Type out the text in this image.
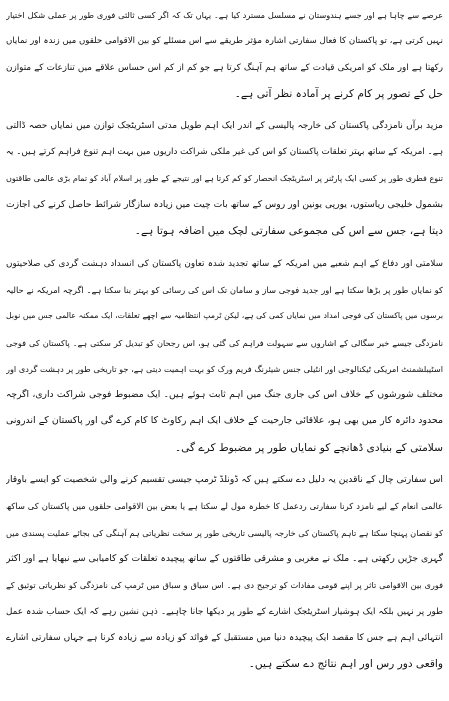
عرصے سے چاہا ہے اور جسے ہندوستان نے مسلسل مسترد کیا ہے۔ یہاں تک کہ اگر کسی ثالثی فوری طور پر عملی شکل اختیار
نہیں کرتی ہے، تو پاکستان کا فعال سفارتی اشارہ مؤثر طریقے سے اس مسئلے کو بین الاقوامی حلقوں میں زندہ اور نمایاں
رکھتا ہے اور ملک کو امریکی قیادت کے ساتھ ہم آہنگ کرتا ہے جو کم از کم اس حساس علاقے میں تنازعات کے متوازن
حل کے تصور پر کام کرنے پر آمادہ نظر آتی ہے۔
مزید برآں نامزدگی پاکستان کی خارجہ پالیسی کے اندر ایک اہم طویل مدتی اسٹریٹجک توازن میں نمایاں حصہ ڈالتی
ہے۔ امریکہ کے ساتھ بہتر تعلقات پاکستان کو اس کی غیر ملکی شراکت داریوں میں بہت اہم تنوع فراہم کرتے ہیں۔ یہ
تنوع فطری طور پر کسی ایک پارٹنر پر اسٹریٹجک انحصار کو کم کرتا ہے اور نتیجے کے طور پر اسلام آباد کو تمام بڑی عالمی طاقتوں
بشمول خلیجی ریاستوں، یورپی یونین اور روس کے ساتھ بات چیت میں زیادہ سازگار شرائط حاصل کرنے کی اجازت
دیتا ہے، جس سے اس کی مجموعی سفارتی لچک میں اضافہ ہوتا ہے۔
سلامتی اور دفاع کے اہم شعبے میں امریکہ کے ساتھ تجدید شدہ تعاون پاکستان کی انسداد دہشت گردی کی صلاحیتوں
کو نمایاں طور پر بڑھا سکتا ہے اور جدید فوجی ساز و سامان تک اس کی رسائی کو بہتر بنا سکتا ہے۔ اگرچہ امریکہ نے حالیہ
برسوں میں پاکستان کی فوجی امداد میں نمایاں کمی کی ہے، لیکن ٹرمپ انتظامیہ سے اچھے تعلقات، ایک ممکنہ عالمی جس میں نوبل
نامزدگی جیسے خیر سگالی کے اشاروں سے سہولت فراہم کی گئی ہو، اس رجحان کو تبدیل کر سکتی ہے۔ پاکستان کی فوجی
اسٹیبلشمنٹ امریکی ٹیکنالوجی اور انٹیلی جنس شیئرنگ فریم ورک کو بہت اہمیت دیتی ہے، جو تاریخی طور پر دہشت گردی اور
مختلف شورشوں کے خلاف اس کی جاری جنگ میں اہم ثابت ہوئے ہیں۔ ایک مضبوط فوجی شراکت داری، اگرچہ
محدود دائرہ کار میں بھی ہو، علاقائی جارحیت کے خلاف ایک اہم رکاوٹ کا کام کرے گی اور پاکستان کے اندرونی
سلامتی کے بنیادی ڈھانچے کو نمایاں طور پر مضبوط کرے گی۔
اس سفارتی چال کے ناقدین یہ دلیل دے سکتے ہیں کہ ڈونلڈ ٹرمپ جیسی تقسیم کرنے والی شخصیت کو ایسے باوقار
عالمی انعام کے لیے نامزد کرنا سفارتی ردعمل کا خطرہ مول لے سکتا ہے یا بعض بین الاقوامی حلقوں میں پاکستان کی ساکھ
کو نقصان پہنچا سکتا ہے تاہم پاکستان کی خارجہ پالیسی تاریخی طور پر سخت نظریاتی ہم آہنگی کی بجائے عملیت پسندی میں
گہری جڑیں رکھتی ہے۔ ملک نے مغربی و مشرقی طاقتوں کے ساتھ پیچیدہ تعلقات کو کامیابی سے نبھایا ہے اور اکثر
فوری بین الاقوامی تاثر پر اپنے قومی مفادات کو ترجیح دی ہے۔ اس سیاق و سباق میں ٹرمپ کی نامزدگی کو نظریاتی توثیق کے
طور پر نہیں بلکہ ایک ہوشیار اسٹریٹجک اشارے کے طور پر دیکھا جانا چاہیے۔ ذہن نشین رہے کہ ایک حساب شدہ عمل
انتہائی اہم ہے جس کا مقصد ایک پیچیدہ دنیا میں مستقبل کے فوائد کو زیادہ سے زیادہ کرنا ہے جہاں سفارتی اشارے
واقعی دور رس اور اہم نتائج دے سکتے ہیں۔
